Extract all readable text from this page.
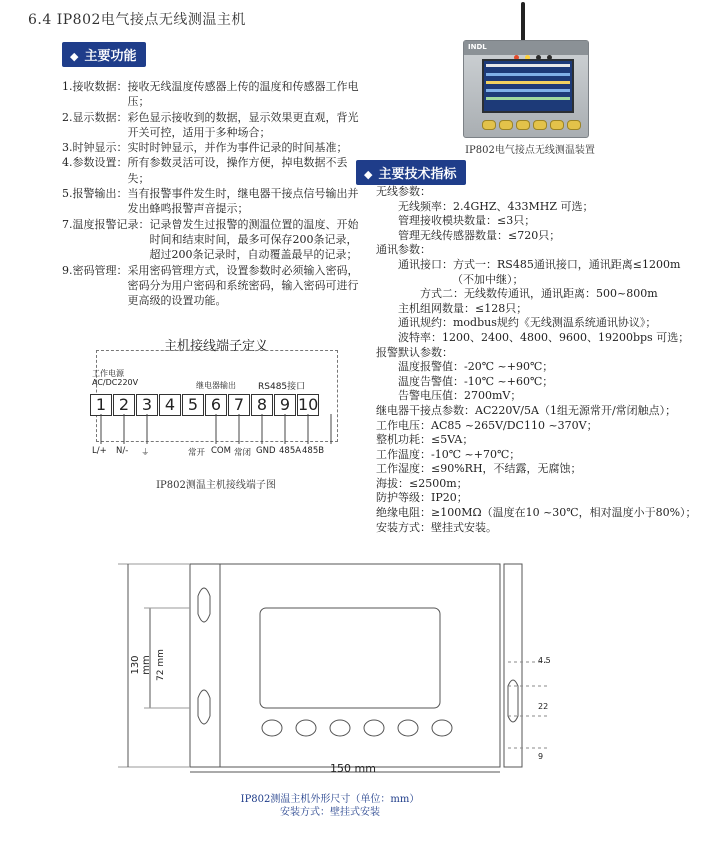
6.4 IP802电气接点无线测温主机
◆ 主要功能
1.接收数据： 接收无线温度传感器上传的温度和传感器工作电压；
2.显示数据： 彩色显示接收到的数据，显示效果更直观，背光开关可控，适用于多种场合；
3.时钟显示： 实时时钟显示，并作为事件记录的时间基准；
4.参数设置： 所有参数灵活可设，操作方便，掉电数据不丢失；
5.报警输出： 当有报警事件发生时，继电器干接点信号输出并发出蜂鸣报警声音提示；
7.温度报警记录： 记录曾发生过报警的测温位置的温度、开始时间和结束时间，最多可保存200条记录，超过200条记录时，自动覆盖最早的记录；
9.密码管理： 采用密码管理方式，设置参数时必须输入密码，密码分为用户密码和系统密码，输入密码可进行更高级的设置功能。
INDL
IP802电气接点无线测温装置
◆ 主要技术指标
无线参数：
无线频率：2.4GHZ、433MHZ 可选；
管理接收模块数量：≤3只；
管理无线传感器数量：≤720只；
通讯参数：
通讯接口：方式一：RS485通讯接口，通讯距离≤1200m
（不加中继）；
方式二：无线数传通讯，通讯距离：500~800m
主机组网数量：≤128只；
通讯规约：modbus规约《无线测温系统通讯协议》；
波特率：1200、2400、4800、9600、19200bps 可选；
报警默认参数：
温度报警值：-20℃ ~+90℃；
温度告警值：-10℃ ~+60℃；
告警电压值：2700mV；
继电器干接点参数：AC220V/5A（1组无源常开/常闭触点）；
工作电压：AC85 ~265V/DC110 ~370V；
整机功耗：≤5VA；
工作温度：-10℃ ~+70℃；
工作湿度：≤90%RH，不结露，无腐蚀；
海拔：≤2500m；
防护等级：IP20；
绝缘电阻：≥100MΩ（温度在10 ~30℃，相对温度小于80%）；
安装方式：壁挂式安装。
主机接线端子定义
工作电源
AC/DC220V	继电器输出 RS485接口
1 2 3 4 5 6 7 8 9 10
L/+ N/- ⏚	常开 COM 常闭 GND 485A 485B
IP802测温主机接线端子图
130 mm 72 mm
150 mm
4.5
22
9
IP802测温主机外形尺寸（单位：mm）
安装方式：壁挂式安装
